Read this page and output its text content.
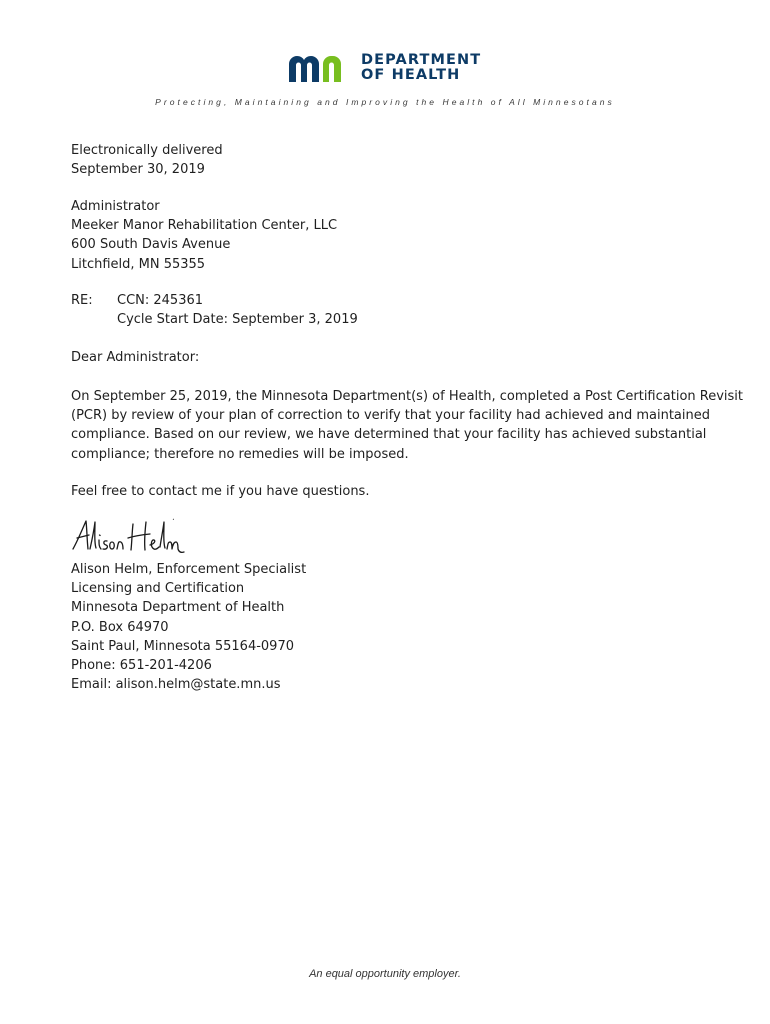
DEPARTMENT
OF HEALTH
Protecting, Maintaining and Improving the Health of All Minnesotans
Electronically delivered
September 30, 2019
Administrator
Meeker Manor Rehabilitation Center, LLC
600 South Davis Avenue
Litchfield, MN 55355
RE: CCN: 245361
Cycle Start Date: September 3, 2019
Dear Administrator:
On September 25, 2019, the Minnesota Department(s) of Health, completed a Post Certification Revisit
(PCR) by review of your plan of correction to verify that your facility had achieved and maintained
compliance. Based on our review, we have determined that your facility has achieved substantial
compliance; therefore no remedies will be imposed.
Feel free to contact me if you have questions.
Alison Helm, Enforcement Specialist
Licensing and Certification
Minnesota Department of Health
P.O. Box 64970
Saint Paul, Minnesota 55164-0970
Phone: 651-201-4206
Email: alison.helm@state.mn.us
An equal opportunity employer.
